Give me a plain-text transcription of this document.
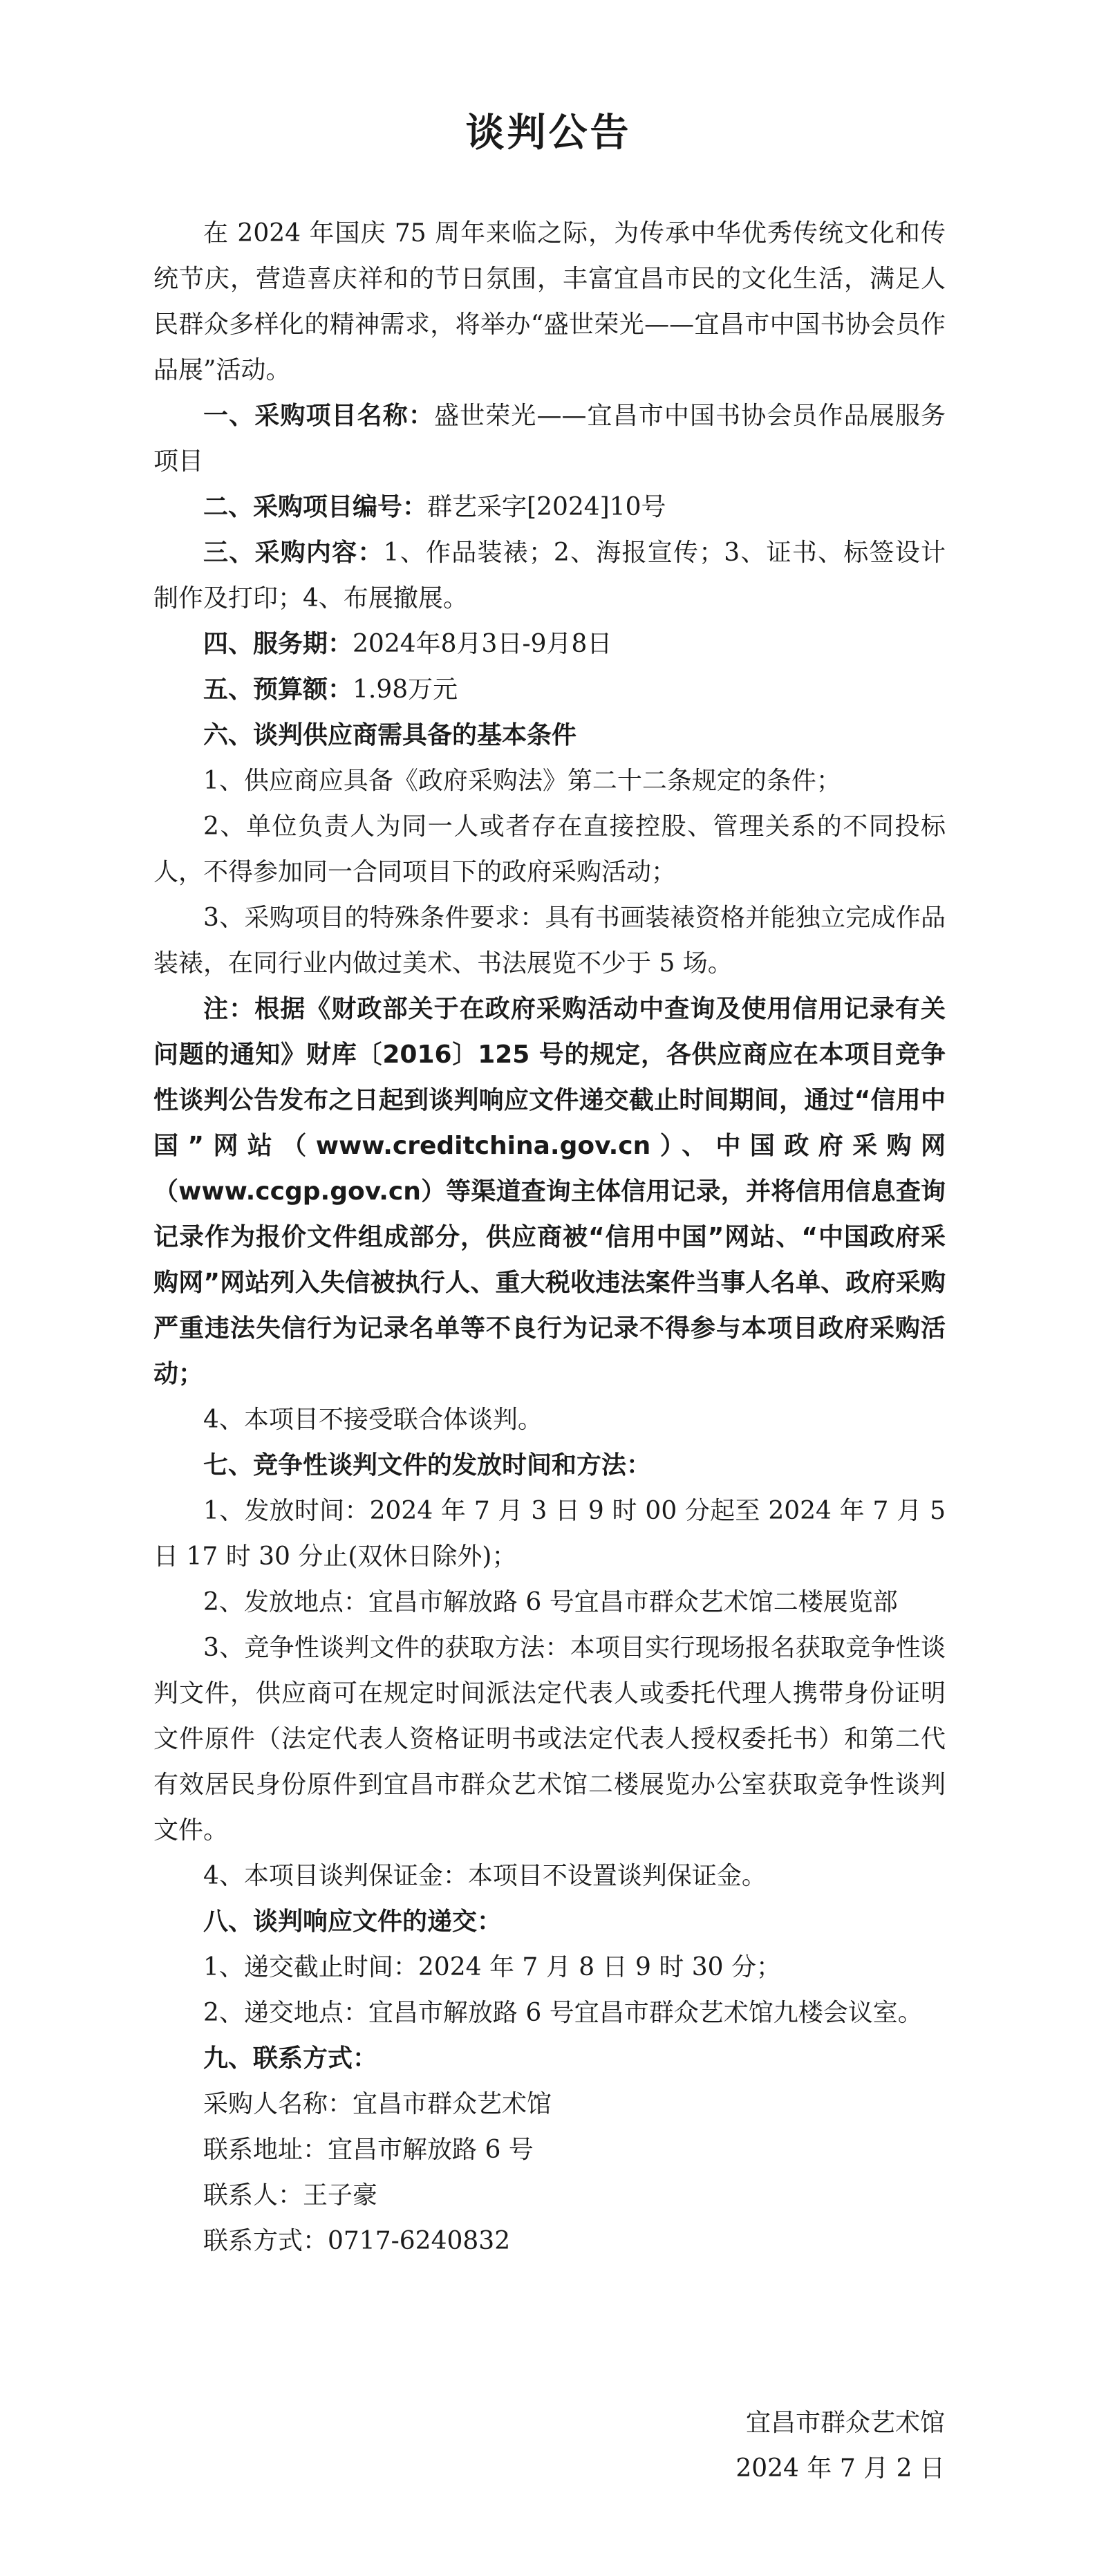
谈判公告

在 2024 年国庆 75 周年来临之际，为传承中华优秀传统文化和传统节庆，营造喜庆祥和的节日氛围，丰富宜昌市民的文化生活，满足人民群众多样化的精神需求，将举办“盛世荣光——宜昌市中国书协会员作品展”活动。

一、采购项目名称：盛世荣光——宜昌市中国书协会员作品展服务项目

二、采购项目编号：群艺采字[2024]10号

三、采购内容：1、作品装裱；2、海报宣传；3、证书、标签设计制作及打印；4、布展撤展。

四、服务期：2024年8月3日-9月8日

五、预算额：1.98万元

六、谈判供应商需具备的基本条件

1、供应商应具备《政府采购法》第二十二条规定的条件；

2、单位负责人为同一人或者存在直接控股、管理关系的不同投标人，不得参加同一合同项目下的政府采购活动；

3、采购项目的特殊条件要求：具有书画装裱资格并能独立完成作品装裱，在同行业内做过美术、书法展览不少于 5 场。

注：根据《财政部关于在政府采购活动中查询及使用信用记录有关问题的通知》财库〔2016〕125 号的规定，各供应商应在本项目竞争性谈判公告发布之日起到谈判响应文件递交截止时间期间，通过“信用中国”网站（www.creditchina.gov.cn）、中国政府采购网（www.ccgp.gov.cn）等渠道查询主体信用记录，并将信用信息查询记录作为报价文件组成部分，供应商被“信用中国”网站、“中国政府采购网”网站列入失信被执行人、重大税收违法案件当事人名单、政府采购严重违法失信行为记录名单等不良行为记录不得参与本项目政府采购活动；

4、本项目不接受联合体谈判。

七、竞争性谈判文件的发放时间和方法：

1、发放时间：2024 年 7 月 3 日 9 时 00 分起至 2024 年 7 月 5 日 17 时 30 分止(双休日除外)；

2、发放地点：宜昌市解放路 6 号宜昌市群众艺术馆二楼展览部

3、竞争性谈判文件的获取方法：本项目实行现场报名获取竞争性谈判文件，供应商可在规定时间派法定代表人或委托代理人携带身份证明文件原件（法定代表人资格证明书或法定代表人授权委托书）和第二代有效居民身份原件到宜昌市群众艺术馆二楼展览办公室获取竞争性谈判文件。

4、本项目谈判保证金：本项目不设置谈判保证金。

八、谈判响应文件的递交：

1、递交截止时间：2024 年 7 月 8 日 9 时 30 分；

2、递交地点：宜昌市解放路 6 号宜昌市群众艺术馆九楼会议室。

九、联系方式：

采购人名称：宜昌市群众艺术馆

联系地址：宜昌市解放路 6 号

联系人：王子豪

联系方式：0717-6240832

宜昌市群众艺术馆
2024 年 7 月 2 日
